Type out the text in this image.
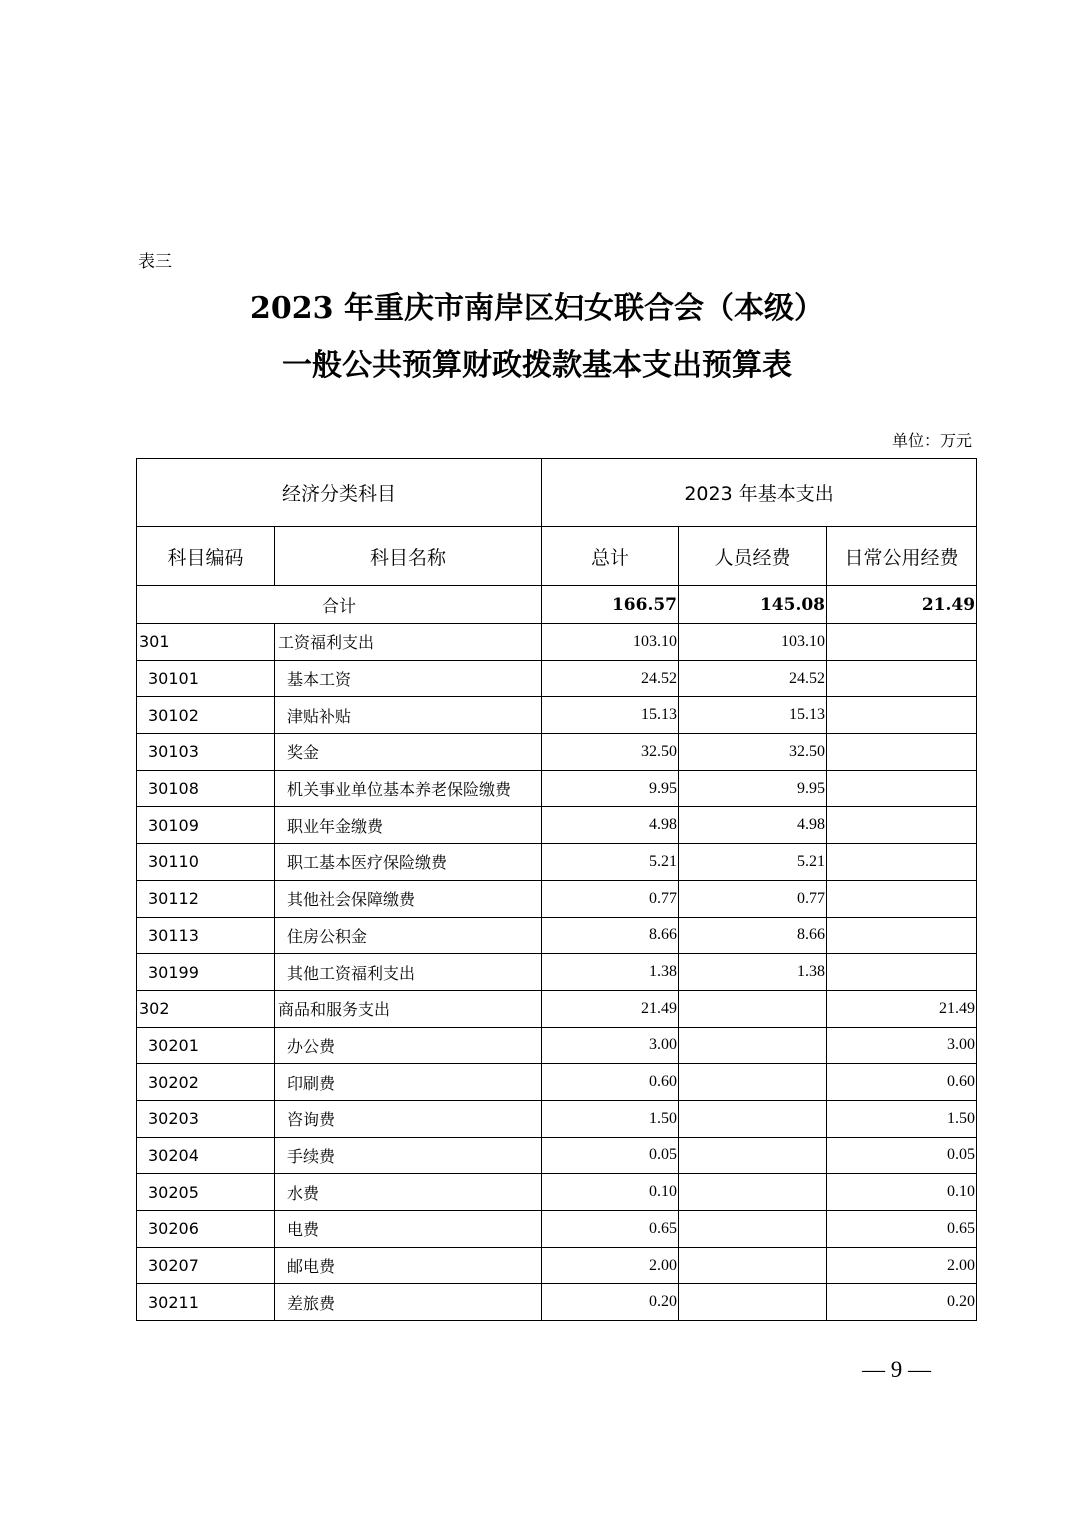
表三
2023 年重庆市南岸区妇女联合会（本级）
一般公共预算财政拨款基本支出预算表
单位：万元
经济分类科目		2023 年基本支出		
科目编码	科目名称	总计	人员经费	日常公用经费
合计		166.57	145.08	21.49
301	工资福利支出	103.10	103.10	
30101	基本工资	24.52	24.52	
30102	津贴补贴	15.13	15.13	
30103	奖金	32.50	32.50	
30108	机关事业单位基本养老保险缴费	9.95	9.95	
30109	职业年金缴费	4.98	4.98	
30110	职工基本医疗保险缴费	5.21	5.21	
30112	其他社会保障缴费	0.77	0.77	
30113	住房公积金	8.66	8.66	
30199	其他工资福利支出	1.38	1.38	
302	商品和服务支出	21.49		21.49
30201	办公费	3.00		3.00
30202	印刷费	0.60		0.60
30203	咨询费	1.50		1.50
30204	手续费	0.05		0.05
30205	水费	0.10		0.10
30206	电费	0.65		0.65
30207	邮电费	2.00		2.00
30211	差旅费	0.20		0.20
— 9 —
